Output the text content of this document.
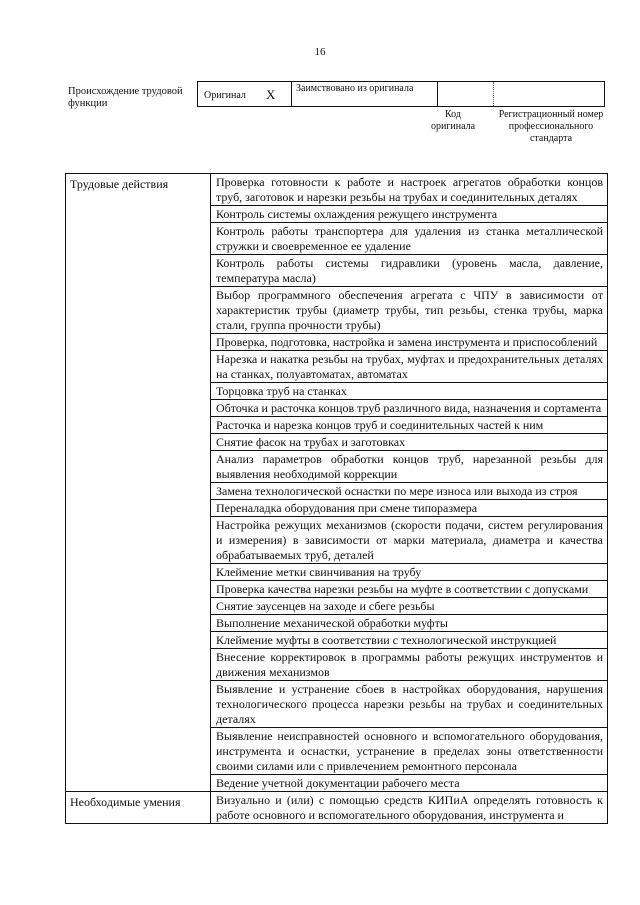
16
Происхождение трудовой функции
Оригинал X Заимствовано из оригинала
Код оригинала
Регистрационный номер профессионального стандарта
Трудовые действия	Проверка готовности к работе и настроек агрегатов обработки концов труб, заготовок и нарезки резьбы на трубах и соединительных деталях
	Контроль системы охлаждения режущего инструмента
	Контроль работы транспортера для удаления из станка металлической стружки и своевременное ее удаление
	Контроль работы системы гидравлики (уровень масла, давление, температура масла)
	Выбор программного обеспечения агрегата с ЧПУ в зависимости от характеристик трубы (диаметр трубы, тип резьбы, стенка трубы, марка стали, группа прочности трубы)
	Проверка, подготовка, настройка и замена инструмента и приспособлений
	Нарезка и накатка резьбы на трубах, муфтах и предохранительных деталях на станках, полуавтоматах, автоматах
	Торцовка труб на станках
	Обточка и расточка концов труб различного вида, назначения и сортамента
	Расточка и нарезка концов труб и соединительных частей к ним
	Снятие фасок на трубах и заготовках
	Анализ параметров обработки концов труб, нарезанной резьбы для выявления необходимой коррекции
	Замена технологической оснастки по мере износа или выхода из строя
	Переналадка оборудования при смене типоразмера
	Настройка режущих механизмов (скорости подачи, систем регулирования и измерения) в зависимости от марки материала, диаметра и качества обрабатываемых труб, деталей
	Клеймение метки свинчивания на трубу
	Проверка качества нарезки резьбы на муфте в соответствии с допусками
	Снятие заусенцев на заходе и сбеге резьбы
	Выполнение механической обработки муфты
	Клеймение муфты в соответствии с технологической инструкцией
	Внесение корректировок в программы работы режущих инструментов и движения механизмов
	Выявление и устранение сбоев в настройках оборудования, нарушения технологического процесса нарезки резьбы на трубах и соединительных деталях
	Выявление неисправностей основного и вспомогательного оборудования, инструмента и оснастки, устранение в пределах зоны ответственности своими силами или с привлечением ремонтного персонала
	Ведение учетной документации рабочего места
Необходимые умения	Визуально и (или) с помощью средств КИПиА определять готовность к работе основного и вспомогательного оборудования, инструмента и
